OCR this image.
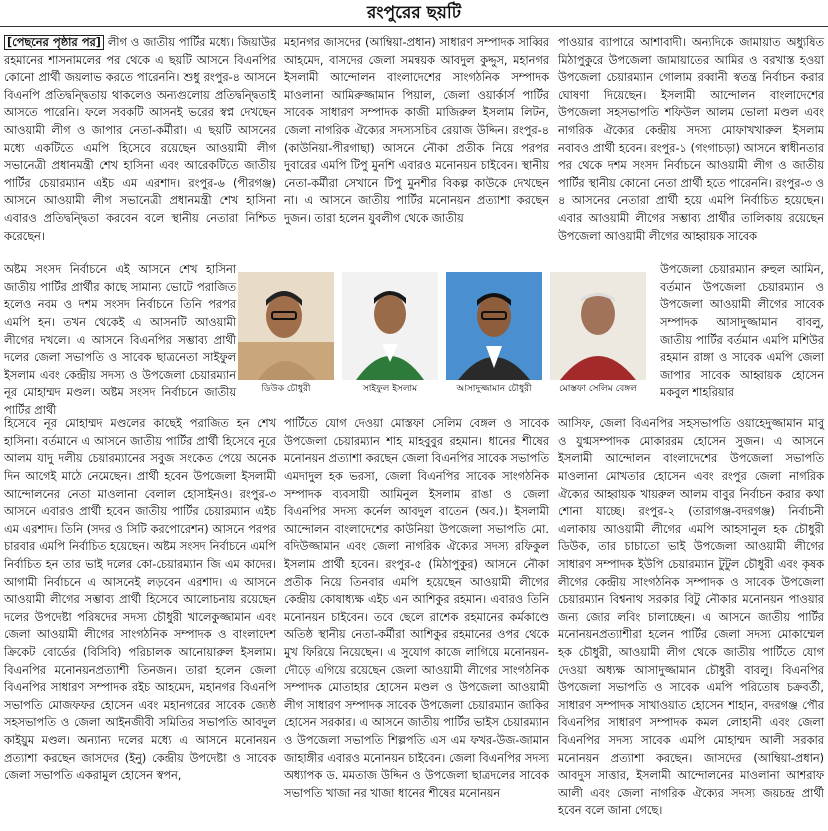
রংপুরের ছয়টি

[পেছনের পৃষ্ঠার পর] লীগ ও জাতীয় পার্টির মধ্যে। জিয়াউর রহমানের শাসনামলের পর থেকে এ ছয়টি আসনে বিএনপির কোনো প্রার্থী জয়লাভ করতে পারেননি। শুধু রংপুর-৪ আসনে বিএনপি প্রতিদ্বন্দ্বিতায় থাকলেও অন্যগুলোয় প্রতিদ্বন্দ্বিতাই আসতে পারেনি। ফলে সবকটি আসনই ভরের স্বপ্ন দেখছেন আওয়ামী লীগ ও জাপার নেতা-কর্মীরা। এ ছয়টি আসনের মধ্যে একটিতে এমপি হিসেবে রয়েছেন আওয়ামী লীগ সভানেত্রী প্রধানমন্ত্রী শেখ হাসিনা এবং আরেকটিতে জাতীয় পার্টির চেয়ারম্যান এইচ এম এরশাদ। রংপুর-৬ (পীরগঞ্জ) আসনে আওয়ামী লীগ সভানেত্রী প্রধানমন্ত্রী শেখ হাসিনা এবারও প্রতিদ্বন্দ্বিতা করবেন বলে স্থানীয় নেতারা নিশ্চিত করেছেন।

অষ্টম সংসদ নির্বাচনে এই আসনে শেখ হাসিনা জাতীয় পার্টির প্রার্থীর কাছে সামান্য ভোটে পরাজিত হলেও নবম ও দশম সংসদ নির্বাচনে তিনি পরপর এমপি হন। তখন থেকেই এ আসনটি আওয়ামী লীগের দখলে। এ আসনে বিএনপির সম্ভাব্য প্রার্থী দলের জেলা সভাপতি ও সাবেক ছাত্রনেতা সাইফুল ইসলাম এবং কেন্দ্রীয় সদস্য ও উপজেলা চেয়ারম্যান নূর মোহাম্মদ মণ্ডল। অষ্টম সংসদ নির্বাচনে জাতীয় পার্টির প্রার্থী

মহানগর জাসদের (আম্বিয়া-প্রধান) সাধারণ সম্পাদক সাব্বির আহমেদ, বাসদের জেলা সমন্বয়ক আবদুল কুদ্দুস, মহানগর ইসলামী আন্দোলন বাংলাদেশের সাংগঠনিক সম্পাদক মাওলানা আমিরুজ্জামান পিয়াল, জেলা ওয়ার্কার্স পার্টির সাবেক সাধারণ সম্পাদক কাজী মাজিরুল ইসলাম লিটন, জেলা নাগরিক ঐক্যের সদস্যসচিব রেয়াজ উদ্দিন। রংপুর-৪ (কাউনিয়া-পীরগাছা) আসনে নৌকা প্রতীক নিয়ে পরপর দুবারের এমপি টিপু মুনশি এবারও মনোনয়ন চাইবেন। স্থানীয় নেতা-কর্মীরা সেখানে টিপু মুনশীর বিকল্প কাউকে দেখছেন না। এ আসনে জাতীয় পার্টির মনোনয়ন প্রত্যাশা করছেন দুজন। তারা হলেন যুবলীগ থেকে জাতীয়

পাওয়ার ব্যাপারে আশাবাদী। অন্যদিকে জামায়াত অধ্যুষিত মিঠাপুকুরে উপজেলা জামায়াতের আমির ও বরখাস্ত হওয়া উপজেলা চেয়ারম্যান গোলাম রব্বানী স্বতন্ত্র নির্বাচন করার ঘোষণা দিয়েছেন। ইসলামী আন্দোলন বাংলাদেশের উপজেলা সহসভাপতি শফিউল আলম ভোলা মণ্ডল এবং নাগরিক ঐক্যের কেন্দ্রীয় সদস্য মোফাখখারুল ইসলাম নবাবও প্রার্থী হবেন। রংপুর-১ (গংগাচড়া) আসনে স্বাধীনতার পর থেকে দশম সংসদ নির্বাচনে আওয়ামী লীগ ও জাতীয় পার্টির স্থানীয় কোনো নেতা প্রার্থী হতে পারেননি। রংপুর-৩ ও ৪ আসনের নেতারা প্রার্থী হয়ে এমপি নির্বাচিত হয়েছেন। এবার আওয়ামী লীগের সম্ভাব্য প্রার্থীর তালিকায় রয়েছেন উপজেলা আওয়ামী লীগের আহ্বায়ক সাবেক

উপজেলা চেয়ারম্যান রুহুল আমিন, বর্তমান উপজেলা চেয়ারম্যান ও উপজেলা আওয়ামী লীগের সাবেক সম্পাদক আসাদুজ্জামান বাবলু, জাতীয় পার্টির বর্তমান এমপি মশিউর রহমান রাঙ্গা ও সাবেক এমপি জেলা জাপার সাবেক আহ্বায়ক হোসেন মকবুল শাহরিয়ার

ডিউক চৌধুরী	সাইফুল ইসলাম	আসাদুজ্জামান চৌধুরী	মোস্তফা সেলিম বেঙ্গল

হিসেবে নূর মোহাম্মদ মণ্ডলের কাছেই পরাজিত হন শেখ হাসিনা। বর্তমানে এ আসনে জাতীয় পার্টির প্রার্থী হিসেবে নূরে আলম যাদু দলীয় চেয়ারম্যানের সবুজ সংকেত পেয়ে অনেক দিন আগেই মাঠে নেমেছেন। প্রার্থী হবেন উপজেলা ইসলামী আন্দোলনের নেতা মাওলানা বেলাল হোসাইনও। রংপুর-৩ আসনে এবারও প্রার্থী হবেন জাতীয় পার্টির চেয়ারম্যান এইচ এম এরশাদ। তিনি (সদর ও সিটি করপোরেশন) আসনে পরপর চারবার এমপি নির্বাচিত হয়েছেন। অষ্টম সংসদ নির্বাচনে এমপি নির্বাচিত হন তার ভাই দলের কো-চেয়ারম্যান জি এম কাদের। আগামী নির্বাচনে এ আসনেই লড়বেন এরশাদ। এ আসনে আওয়ামী লীগের সম্ভাব্য প্রার্থী হিসেবে আলোচনায় রয়েছেন দলের উপদেষ্টা পরিষদের সদস্য চৌধুরী খালেকুজ্জামান এবং জেলা আওয়ামী লীগের সাংগঠনিক সম্পাদক ও বাংলাদেশ ক্রিকেট বোর্ডের (বিসিবি) পরিচালক আনোয়ারুল ইসলাম। বিএনপির মনোনয়নপ্রত্যাশী তিনজন। তারা হলেন জেলা বিএনপির সাধারণ সম্পাদক রইচ আহমেদ, মহানগর বিএনপি সভাপতি মোজফফর হোসেন এবং মহানগরের সাবেক জ্যেষ্ঠ সহসভাপতি ও জেলা আইনজীবী সমিতির সভাপতি আবদুল কাইয়ুম মণ্ডল। অন্যান্য দলের মধ্যে এ আসনে মনোনয়ন প্রত্যাশা করছেন জাসদের (ইনু) কেন্দ্রীয় উপদেষ্টা ও সাবেক জেলা সভাপতি একরামুল হোসেন স্বপন,

পার্টিতে যোগ দেওয়া মোস্তফা সেলিম বেঙ্গল ও সাবেক উপজেলা চেয়ারম্যান শাহ মাহবুবুর রহমান। ধানের শীষের মনোনয়ন প্রত্যাশা করছেন জেলা বিএনপির সাবেক সভাপতি এমদাদুল হক ভরসা, জেলা বিএনপির সাবেক সাংগঠনিক সম্পাদক ব্যবসায়ী আমিনুল ইসলাম রাঙা ও জেলা বিএনপির সদস্য কর্নেল আবদুল বাতেন (অব.)। ইসলামী আন্দোলন বাংলাদেশের কাউনিয়া উপজেলা সভাপতি মো. বদিউজ্জামান এবং জেলা নাগরিক ঐক্যের সদস্য রফিকুল ইসলাম প্রার্থী হবেন। রংপুর-৫ (মিঠাপুকুর) আসনে নৌকা প্রতীক নিয়ে তিনবার এমপি হয়েছেন আওয়ামী লীগের কেন্দ্রীয় কোষাধ্যক্ষ এইচ এন আশিকুর রহমান। এবারও তিনি মনোনয়ন চাইবেন। তবে ছেলে রাশেক রহমানের কর্মকাণ্ডে অতিষ্ঠ স্থানীয় নেতা-কর্মীরা আশিকুর রহমানের ওপর থেকে মুখ ফিরিয়ে নিয়েছেন। এ সুযোগ কাজে লাগিয়ে মনোনয়ন-দৌড়ে এগিয়ে রয়েছেন জেলা আওয়ামী লীগের সাংগঠনিক সম্পাদক মোতাহার হোসেন মণ্ডল ও উপজেলা আওয়ামী লীগ সাধারণ সম্পাদক সাবেক উপজেলা চেয়ারম্যান জাকির হোসেন সরকার। এ আসনে জাতীয় পার্টির ভাইস চেয়ারম্যান ও উপজেলা সভাপতি শিল্পপতি এস এম ফখর-উজ-জামান জাহাঙ্গীর এবারও মনোনয়ন চাইবেন। জেলা বিএনপির সদস্য অধ্যাপক ড. মমতাজ উদ্দিন ও উপজেলা ছাত্রদলের সাবেক সভাপতি খাজা নর খাজা ধানের শীষের মনোনয়ন

আসিফ, জেলা বিএনপির সহসভাপতি ওয়াহেদুজ্জামান মাবু ও যুগ্মসম্পাদক মোকাররম হোসেন সুজন। এ আসনে ইসলামী আন্দোলন বাংলাদেশের উপজেলা সভাপতি মাওলানা মোখতার হোসেন এবং রংপুর জেলা নাগরিক ঐক্যের আহ্বায়ক খায়রুল আলম বাবুর নির্বাচন করার কথা শোনা যাচ্ছে। রংপুর-২ (তারাগঞ্জ-বদরগঞ্জ) নির্বাচনী এলাকায় আওয়ামী লীগের এমপি আহসানুল হক চৌধুরী ডিউক, তার চাচাতো ভাই উপজেলা আওয়ামী লীগের সাধারণ সম্পাদক ইউপি চেয়ারম্যান টুটুল চৌধুরী এবং কৃষক লীগের কেন্দ্রীয় সাংগঠনিক সম্পাদক ও সাবেক উপজেলা চেয়ারম্যান বিশ্বনাথ সরকার বিটু নৌকার মনোনয়ন পাওয়ার জন্য জোর লবিং চালাচ্ছেন। এ আসনে জাতীয় পার্টির মনোনয়নপ্রত্যাশীরা হলেন পার্টির জেলা সদস্য মোকাম্মেল হক চৌধুরী, আওয়ামী লীগ থেকে জাতীয় পার্টিতে যোগ দেওয়া অধ্যক্ষ আসাদুজ্জামান চৌধুরী বাবলু। বিএনপির উপজেলা সভাপতি ও সাবেক এমপি পরিতোষ চক্রবর্তী, সাধারণ সম্পাদক সাখাওয়াত হোসেন শাহান, বদরগঞ্জ পৌর বিএনপির সাধারণ সম্পাদক কমল লোহানী এবং জেলা বিএনপির সদস্য সাবেক এমপি মোহাম্মদ আলী সরকার মনোনয়ন প্রত্যাশা করছেন। জাসদের (আম্বিয়া-প্রধান) আবদুস সাত্তার, ইসলামী আন্দোলনের মাওলানা আশরাফ আলী এবং জেলা নাগরিক ঐক্যের সদস্য জয়চন্দ্র প্রার্থী হবেন বলে জানা গেছে।
